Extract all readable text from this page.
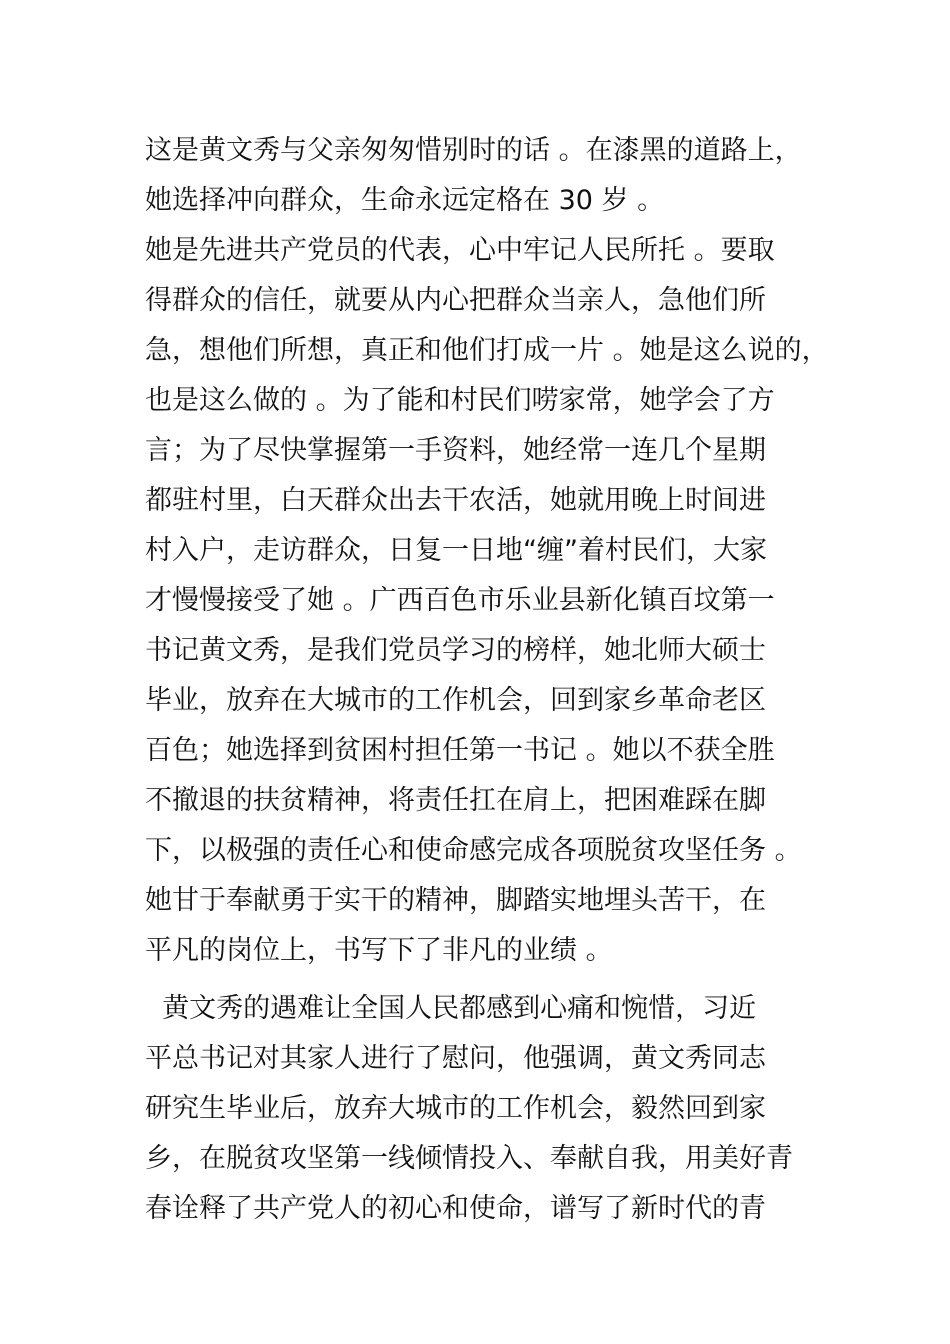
这是黄文秀与父亲匆匆惜别时的话 。在漆黑的道路上，
她选择冲向群众，生命永远定格在 30 岁 。
她是先进共产党员的代表，心中牢记人民所托 。要取
得群众的信任，就要从内心把群众当亲人，急他们所
急，想他们所想，真正和他们打成一片 。她是这么说的，
也是这么做的 。为了能和村民们唠家常，她学会了方
言；为了尽快掌握第一手资料，她经常一连几个星期
都驻村里，白天群众出去干农活，她就用晚上时间进
村入户，走访群众，日复一日地“缠”着村民们，大家
才慢慢接受了她 。广西百色市乐业县新化镇百坟第一
书记黄文秀，是我们党员学习的榜样，她北师大硕士
毕业，放弃在大城市的工作机会，回到家乡革命老区
百色；她选择到贫困村担任第一书记 。她以不获全胜
不撤退的扶贫精神，将责任扛在肩上，把困难踩在脚
下，以极强的责任心和使命感完成各项脱贫攻坚任务 。
她甘于奉献勇于实干的精神，脚踏实地埋头苦干，在
平凡的岗位上，书写下了非凡的业绩 。
黄文秀的遇难让全国人民都感到心痛和惋惜，习近
平总书记对其家人进行了慰问，他强调，黄文秀同志
研究生毕业后，放弃大城市的工作机会，毅然回到家
乡，在脱贫攻坚第一线倾情投入、奉献自我，用美好青
春诠释了共产党人的初心和使命，谱写了新时代的青
